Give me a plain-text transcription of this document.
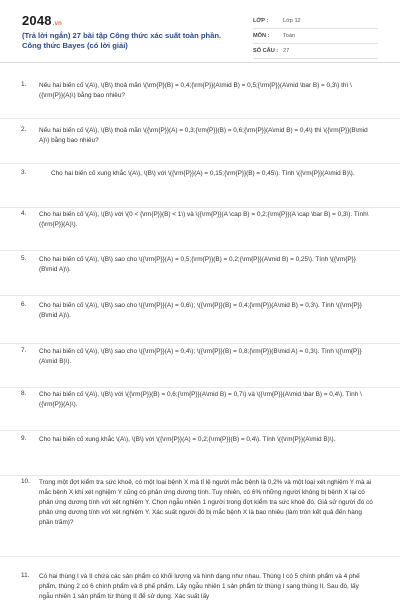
2048.vn
(Trả lời ngắn) 27 bài tập Công thức xác suất toàn phần. Công thức Bayes (có lời giải)
LỚP :	Lớp 12
MÔN :	Toán
SỐ CÂU : 27
1. Nếu hai biến cố \(A\), \(B\) thoả mãn \(\rm{P}(B) = 0,4;{\rm{P}}(A\mid B) = 0,5;{\rm{P}}(A\mid \bar B) = 0,3\) thì \({\rm{P}}(A)\) bằng bao nhiêu?
2. Nếu hai biến cố \(A\), \(B\) thoả mãn \({\rm{P}}(A) = 0,3;{\rm{P}}(B) = 0,6;{\rm{P}}(A\mid B) = 0,4\) thì \({\rm{P}}(B\mid A)\) bằng bao nhiêu?
3.	Cho hai biến cố xung khắc \(A\), \(B\) với \({\rm{P}}(A) = 0,15;{\rm{P}}(B) = 0,45\). Tính \({\rm{P}}(A\mid B)\).
4. Cho hai biến cố \(A\), \(B\) với \(0 < {\rm{P}}(B) < 1\) và \({\rm{P}}(A \cap B) = 0,2;{\rm{P}}(A \cap \bar B) = 0,3\). Tính\({\rm{P}}(A)\).
5. Cho hai biến cố \(A\), \(B\) sao cho \({\rm{P}}(A) = 0,5;{\rm{P}}(B) = 0,2;{\rm{P}}(A\mid B) = 0,25\). Tính \({\rm{P}}(B\mid A)\).
6. Cho hai biến cố \(A\), \(B\) sao cho \({\rm{P}}(A) = 0,6\); \({\rm{P}}(B) = 0,4;{\rm{P}}(A\mid B) = 0,3\). Tính \({\rm{P}}(B\mid A)\).
7. Cho hai biến cố \(A\), \(B\) sao cho \({\rm{P}}(A) = 0,4\); \({\rm{P}}(B) = 0,8;{\rm{P}}(B\mid A) = 0,3\). Tính \({\rm{P}}(A\mid B)\).
8. Cho hai biến cố \(A\), \(B\) với \({\rm{P}}(B) = 0,6;{\rm{P}}(A\mid B) = 0,7\) và \({\rm{P}}(A\mid \bar B) = 0,4\). Tính \({\rm{P}}(A)\).
9. Cho hai biến cố xung khắc \(A\), \(B\) với \({\rm{P}}(A) = 0,2;{\rm{P}}(B) = 0,4\). Tính \({\rm{P}}(A\mid B)\).
10. Trong một đợt kiểm tra sức khoẻ, có một loại bệnh X mà tỉ lệ người mắc bệnh là 0,2% và một loại xét nghiệm Y mà ai mắc bệnh X khi xét nghiệm Y cũng có phản ứng dương tính. Tuy nhiên, có 6% những người không bị bệnh X lại có phản ứng dương tính với xét nghiệm Y. Chọn ngẫu nhiên 1 người trong đợt kiểm tra sức khoẻ đó. Giả sử người đó có phản ứng dương tính với xét nghiệm Y. Xác suất người đó bị mắc bệnh X là bao nhiêu (làm tròn kết quả đến hàng phần trăm)?
11. Có hai thùng I và II chứa các sản phẩm có khối lượng và hình dạng như nhau. Thùng I có 5 chính phẩm và 4 phế phẩm, thùng 2 có 6 chính phẩm và 8 phế phẩm. Lấy ngẫu nhiên 1 sản phẩm từ thùng I sang thùng II. Sau đó, lấy ngẫu nhiên 1 sản phẩm từ thùng II để sử dụng. Xác suất lấy
